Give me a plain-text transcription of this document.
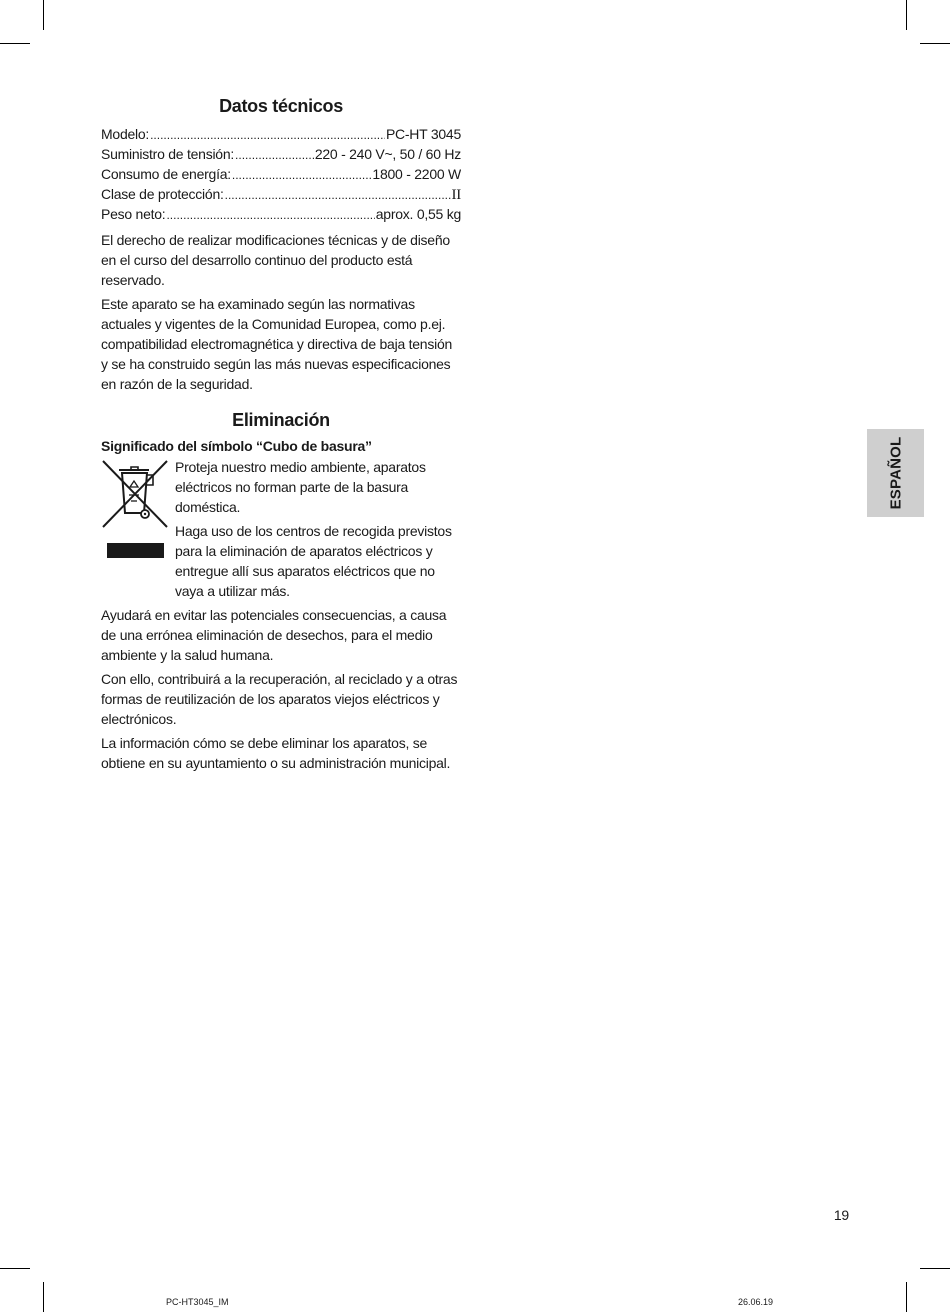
Datos técnicos
Modelo: .....	PC-HT 3045
Suministro de tensión: .....	220 - 240 V~, 50 / 60 Hz
Consumo de energía: .....	1800 - 2200 W
Clase de protección: .....	II
Peso neto: .....	aprox. 0,55 kg

El derecho de realizar modificaciones técnicas y de diseño en el curso del desarrollo continuo del producto está reservado.

Este aparato se ha examinado según las normativas actuales y vigentes de la Comunidad Europea, como p.ej. compatibilidad electromagnética y directiva de baja tensión y se ha construido según las más nuevas especificaciones en razón de la seguridad.

Eliminación
Significado del símbolo “Cubo de basura”

Proteja nuestro medio ambiente, aparatos eléctricos no forman parte de la basura doméstica.

Haga uso de los centros de recogida previstos para la eliminación de aparatos eléctricos y entregue allí sus aparatos eléctricos que no vaya a utilizar más.

Ayudará en evitar las potenciales consecuencias, a causa de una errónea eliminación de desechos, para el medio ambiente y la salud humana.

Con ello, contribuirá a la recuperación, al reciclado y a otras formas de reutilización de los aparatos viejos eléctricos y electrónicos.

La información cómo se debe eliminar los aparatos, se obtiene en su ayuntamiento o su administración municipal.

ESPAÑOL
19
PC-HT3045_IM	26.06.19
